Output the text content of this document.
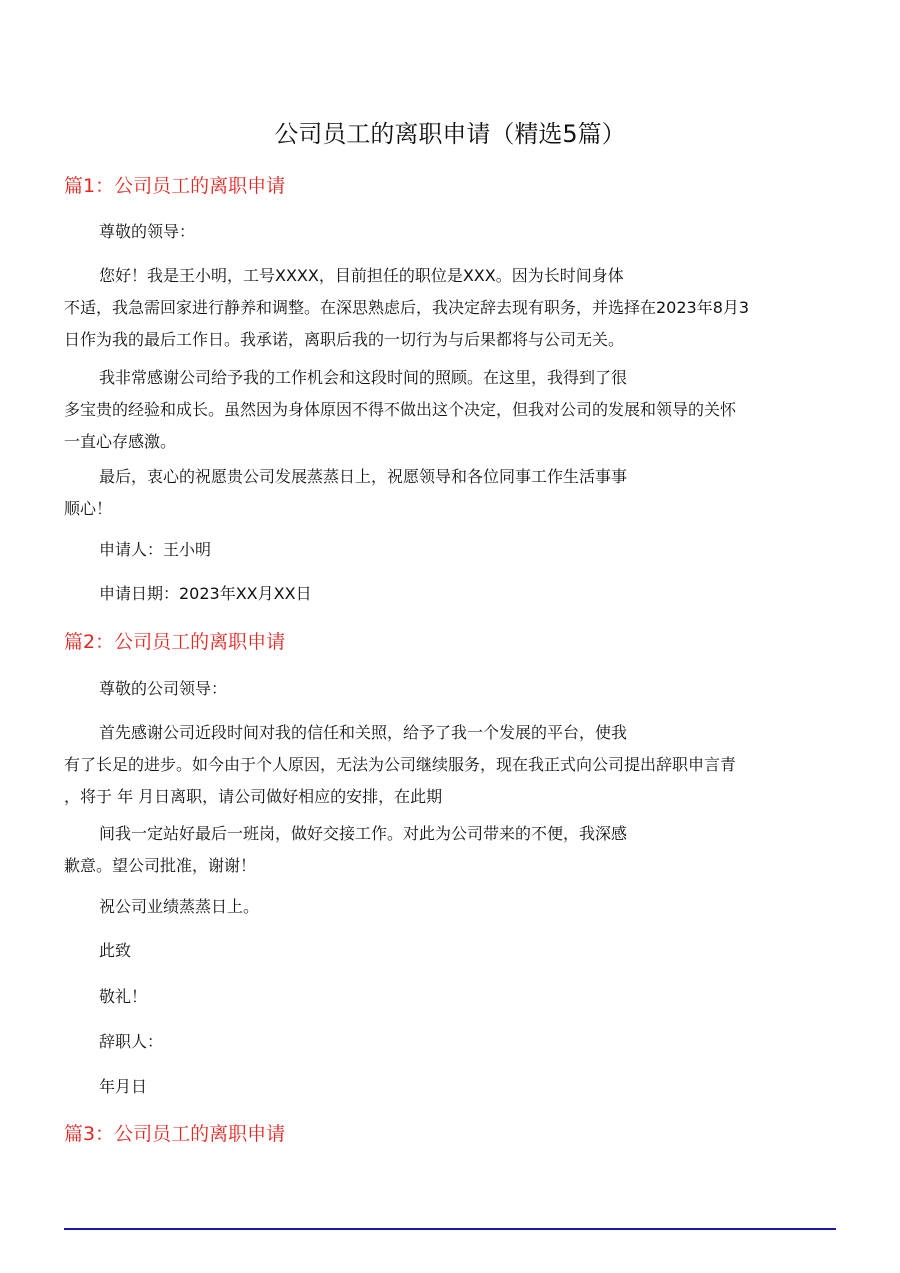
公司员工的离职申请（精选5篇）
篇1：公司员工的离职申请
尊敬的领导：
您好！我是王小明，工号XXXX，目前担任的职位是XXX。因为长时间身体
不适，我急需回家进行静养和调整。在深思熟虑后，我决定辞去现有职务，并选择在2023年8月3
日作为我的最后工作日。我承诺，离职后我的一切行为与后果都将与公司无关。
我非常感谢公司给予我的工作机会和这段时间的照顾。在这里，我得到了很
多宝贵的经验和成长。虽然因为身体原因不得不做出这个决定，但我对公司的发展和领导的关怀
一直心存感激。
最后，衷心的祝愿贵公司发展蒸蒸日上，祝愿领导和各位同事工作生活事事
顺心！
申请人：王小明
申请日期：2023年XX月XX日
篇2：公司员工的离职申请
尊敬的公司领导：
首先感谢公司近段时间对我的信任和关照，给予了我一个发展的平台，使我
有了长足的进步。如今由于个人原因，无法为公司继续服务，现在我正式向公司提出辞职申言青
，将于 年 月日离职，请公司做好相应的安排，在此期
间我一定站好最后一班岗，做好交接工作。对此为公司带来的不便，我深感
歉意。望公司批准，谢谢！
祝公司业绩蒸蒸日上。
此致
敬礼！
辞职人：
年月日
篇3：公司员工的离职申请
